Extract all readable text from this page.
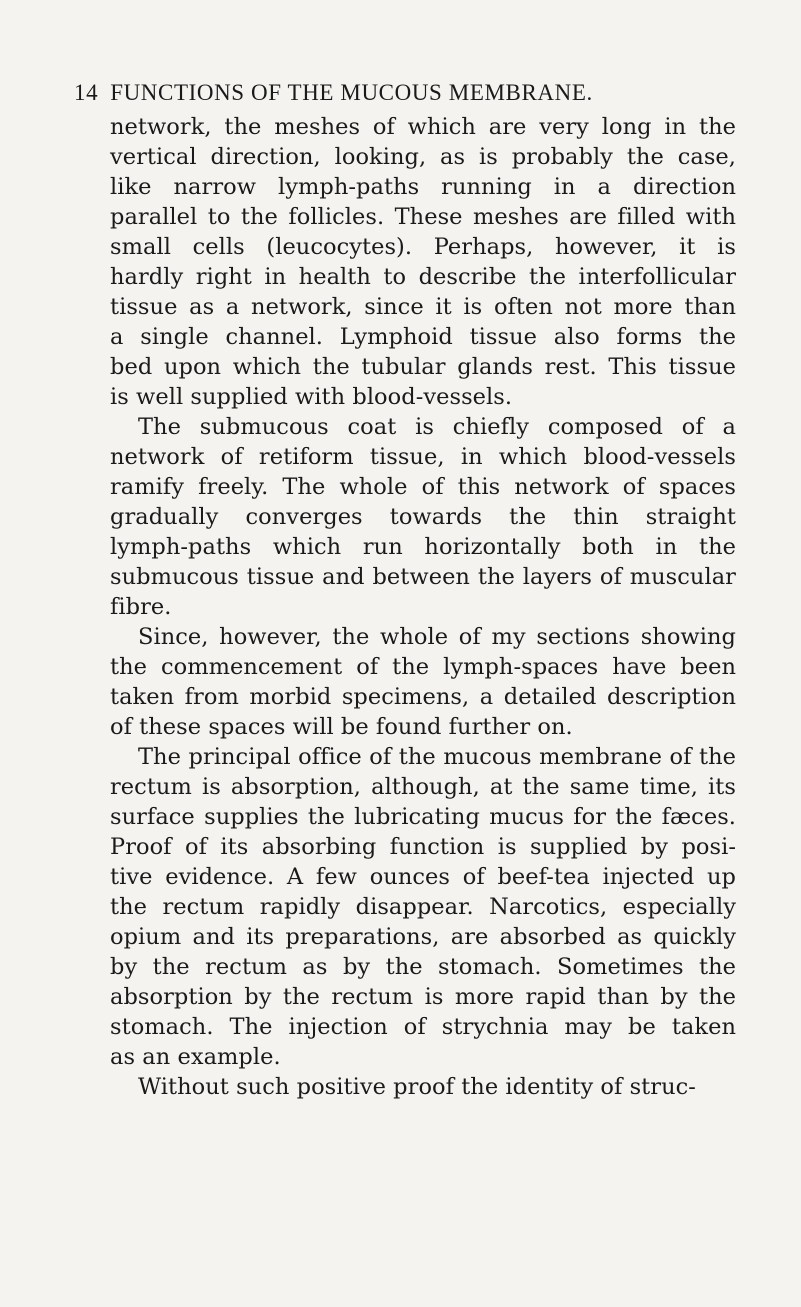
14 FUNCTIONS OF THE MUCOUS MEMBRANE.
network, the meshes of which are very long in the
vertical direction, looking, as is probably the case,
like narrow lymph-paths running in a direction
parallel to the follicles. These meshes are filled with
small cells (leucocytes). Perhaps, however, it is
hardly right in health to describe the interfollicular
tissue as a network, since it is often not more than
a single channel. Lymphoid tissue also forms the
bed upon which the tubular glands rest. This tissue
is well supplied with blood-vessels.
The submucous coat is chiefly composed of a
network of retiform tissue, in which blood-vessels
ramify freely. The whole of this network of spaces
gradually converges towards the thin straight
lymph-paths which run horizontally both in the
submucous tissue and between the layers of muscular
fibre.
Since, however, the whole of my sections showing
the commencement of the lymph-spaces have been
taken from morbid specimens, a detailed description
of these spaces will be found further on.
The principal office of the mucous membrane of the
rectum is absorption, although, at the same time, its
surface supplies the lubricating mucus for the fæces.
Proof of its absorbing function is supplied by posi-
tive evidence. A few ounces of beef-tea injected up
the rectum rapidly disappear. Narcotics, especially
opium and its preparations, are absorbed as quickly
by the rectum as by the stomach. Sometimes the
absorption by the rectum is more rapid than by the
stomach. The injection of strychnia may be taken
as an example.
Without such positive proof the identity of struc-
